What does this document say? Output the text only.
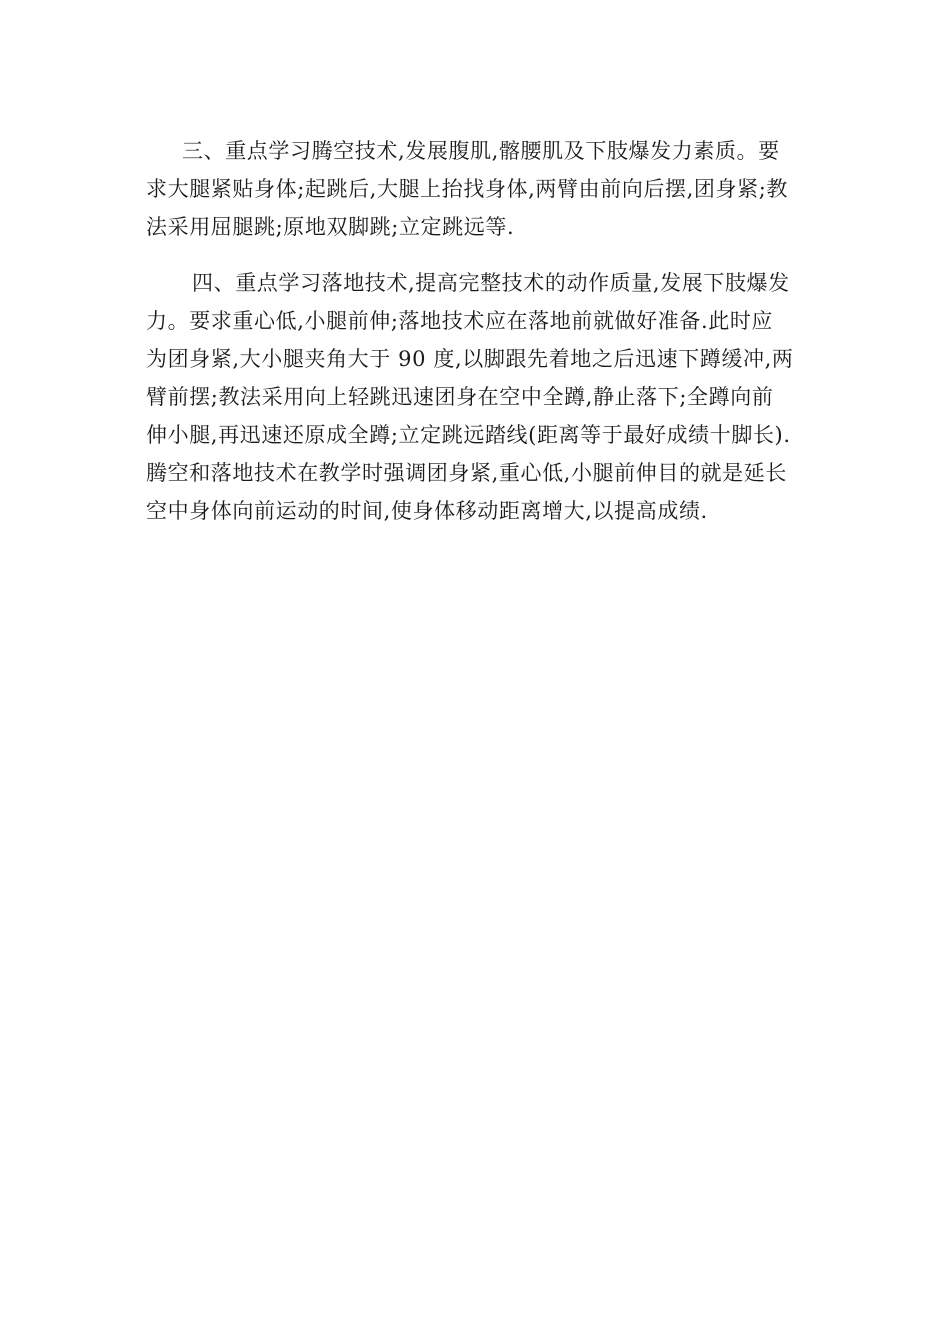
三、重点学习腾空技术,发展腹肌,髂腰肌及下肢爆发力素质。要
求大腿紧贴身体;起跳后,大腿上抬找身体,两臂由前向后摆,团身紧;教
法采用屈腿跳;原地双脚跳;立定跳远等.

四、重点学习落地技术,提高完整技术的动作质量,发展下肢爆发
力。要求重心低,小腿前伸;落地技术应在落地前就做好准备.此时应
为团身紧,大小腿夹角大于 90 度,以脚跟先着地之后迅速下蹲缓冲,两
臂前摆;教法采用向上轻跳迅速团身在空中全蹲,静止落下;全蹲向前
伸小腿,再迅速还原成全蹲;立定跳远踏线(距离等于最好成绩十脚长).
腾空和落地技术在教学时强调团身紧,重心低,小腿前伸目的就是延长
空中身体向前运动的时间,使身体移动距离增大,以提高成绩.
